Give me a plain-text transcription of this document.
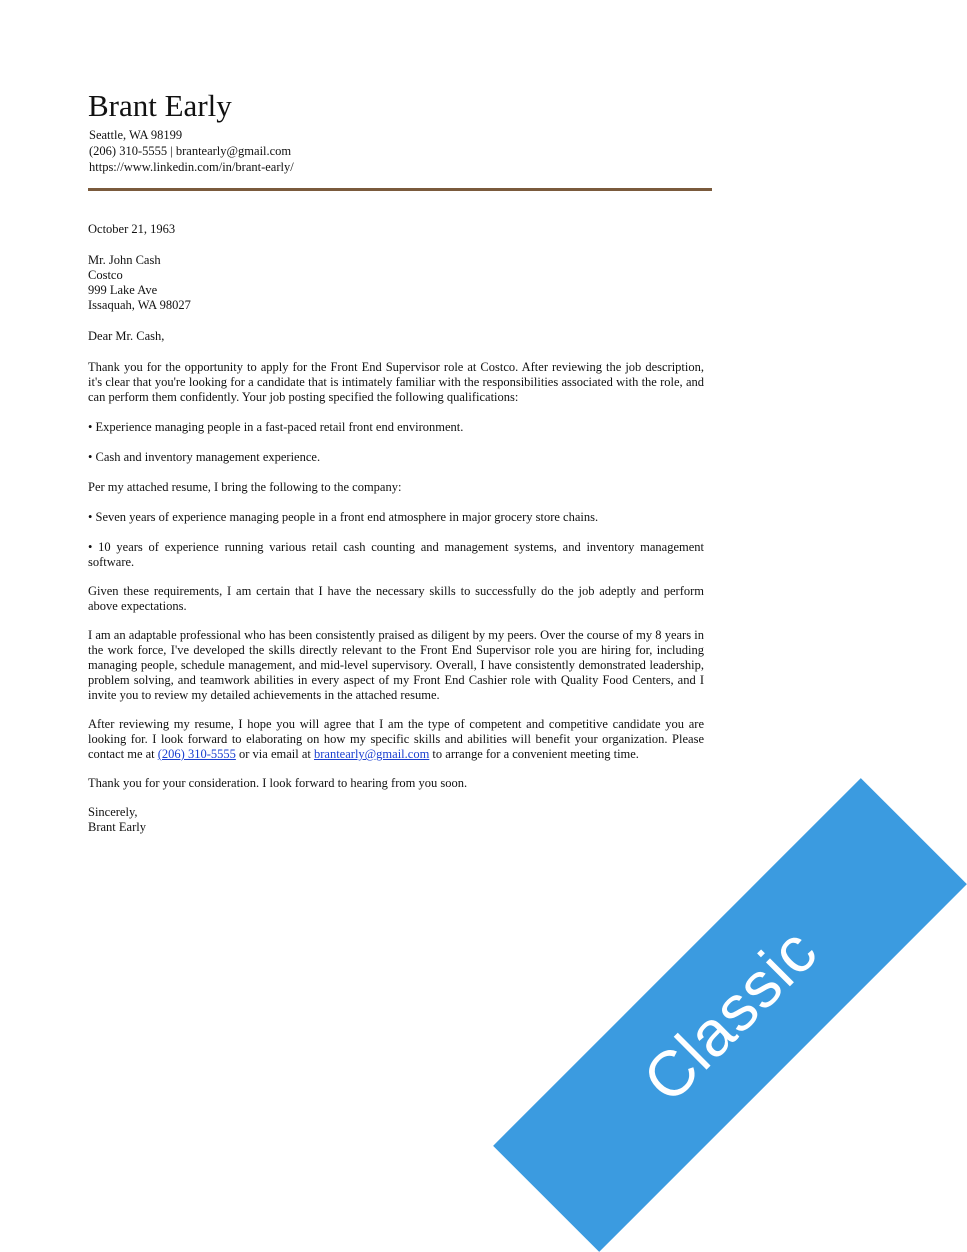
Brant Early
Seattle, WA 98199
(206) 310-5555 | brantearly@gmail.com
https://www.linkedin.com/in/brant-early/

October 21, 1963

Mr. John Cash

Costco

999 Lake Ave

Issaquah, WA 98027

Dear Mr. Cash,

Thank you for the opportunity to apply for the Front End Supervisor role at Costco. After reviewing the job description, it's clear that you're looking for a candidate that is intimately familiar with the responsibilities associated with the role, and can perform them confidently. Your job posting specified the following qualifications:

• Experience managing people in a fast-paced retail front end environment.

• Cash and inventory management experience.

Per my attached resume, I bring the following to the company:

• Seven years of experience managing people in a front end atmosphere in major grocery store chains.

• 10 years of experience running various retail cash counting and management systems, and inventory management software.

Given these requirements, I am certain that I have the necessary skills to successfully do the job adeptly and perform above expectations.

I am an adaptable professional who has been consistently praised as diligent by my peers. Over the course of my 8 years in the work force, I've developed the skills directly relevant to the Front End Supervisor role you are hiring for, including managing people, schedule management, and mid-level supervisory. Overall, I have consistently demonstrated leadership, problem solving, and teamwork abilities in every aspect of my Front End Cashier role with Quality Food Centers, and I invite you to review my detailed achievements in the attached resume.

After reviewing my resume, I hope you will agree that I am the type of competent and competitive candidate you are looking for. I look forward to elaborating on how my specific skills and abilities will benefit your organization. Please contact me at (206) 310-5555 or via email at brantearly@gmail.com to arrange for a convenient meeting time.

Thank you for your consideration. I look forward to hearing from you soon.

Sincerely,

Brant Early

Classic
